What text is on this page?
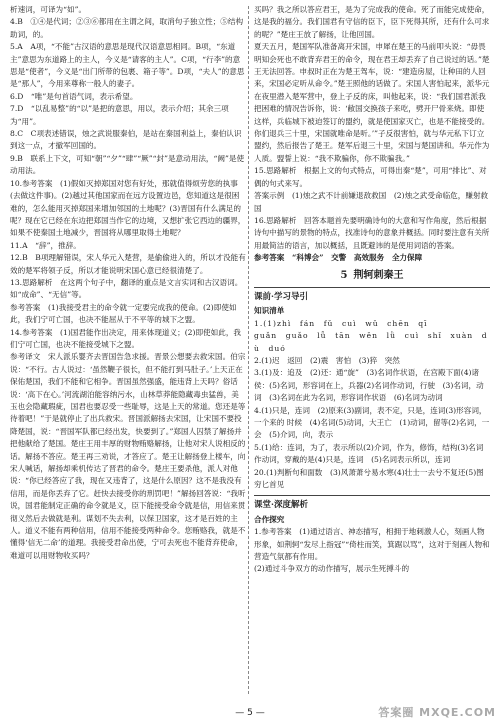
析速词，可译为“如”。

4.B　①④是代词；②③⑥都用在主谓之间，取消句子独立性；⑤结构助词，的。

5.A　A项，“不能”古汉语的意思是现代汉语意思相同。B项，“东道主”意思为东道路上的主人，今义是“请客的主人”。C项，“行李”的意思是“使者”，今义是“出门所带的包裹、箱子等”。D项，“夫人”的意思是“那人”，今用来尊称一般人的妻子。

6.D　“唯”是句首语气词，表示希望。

7.D　“以乱易整”的“以”是把的意思，用以，表示介绍；其余三项为“用”。

8.C　C项表述错误，烛之武说服秦伯，是站在秦国利益上，秦伯认识到这一点，才撤军回国的。

9.B　联系上下文，可知“朝”“夕”“肆”“厥”“封”是意动用法，“阙”是使动用法。

10.参考答案　(1)假如灭掉郑国对您有好处，那就值得烦劳您的执事(去做这件事)。(2)越过其他国家而在远方设置边邑，您知道这是很困难的，怎么能用灭掉郑国来增加邻国的土地呢？(3)晋国有什么满足的呢？现在它已经在东边把郑国当作它的边境，又想扩张它西边的疆界，如果不使秦国土地减少，晋国将从哪里取得土地呢？

11.A　“辞”，推辞。

12.B　B项理解错误，宋人华元入楚营，是偷偷进入的，所以才没能有效的楚军将领子反，所以才能说明宋国心意已经很清楚了。

13.思路解析　在这两个句子中，翻译的重点是文言实词和古汉语词。如“成命”、“无信”等。

参考答案　(1)我接受君主的命令就一定要完成我的使命。(2)即使如此，我们宁可亡国，也决不能屈从于不平等的城下之盟。

14.参考答案　(1)国君能作出决定，用来体现道义；(2)即使如此，我们宁可亡国，也决不能接受城下之盟。

参考译文　宋人派乐婴齐去晋国告急求援。晋景公想要去救宋国。伯宗说：“不行。古人说过：‘虽然鞭子很长，但不能打到马肚子。’上天正在保佑楚国，我们不能和它相争。晋国虽然强盛，能违背上天吗？俗话说：‘高下在心。’河流湖泊能容纳污水，山林草莽能隐藏毒虫猛兽，美玉也会隐藏瑕疵，国君也要忍受一些耻辱，这是上天的常道。您还是等待着吧！”于是就停止了出兵救宋。晋国派解扬去宋国，让宋国不要投降楚国，说：“晋国军队都已经出发，快要到了。”郑国人囚禁了解扬并把他献给了楚国。楚庄王用丰厚的财物贿赂解扬，让他对宋人说相反的话。解扬不答应。楚王再三劝说，才答应了。楚王让解扬登上楼车，向宋人喊话，解扬却乘机传达了晋君的命令。楚庄王要杀他，派人对他说：“你已经答应了我，现在又违背了，这是什么原因？这不是我没有信用，而是你丢弃了它。赶快去接受你的刑罚吧！”解扬回答说：“我听说，国君能制定正确的命令就是义，臣下能接受命令就是信，用信来贯彻义然后去做就是利。谋划不失去利，以保卫国家，这才是百姓的主人。道义不能有两种信用，信用不能接受两种命令。您贿赂我，就是不懂得‘信无二命’的道理。我接受君命出使，宁可去死也不能背弃使命，难道可以用财物收买吗？

买吗？我之所以答应君王，是为了完成我的使命。死了而能完成使命，这是我的福分。我们国君有守信的臣下，臣下死得其所，还有什么可求的呢？”楚庄王放了解扬，让他回国。

夏天五月，楚国军队准备离开宋国，申犀在楚王的马前叩头说：“毋畏明知会死也不敢背弃君王的命令，现在君王却丢弃了自己说过的话。”楚王无法回答。申叔时正在为楚王驾车，说：“建造房屋，让种田的人回来，宋国必定听从命令。”楚王照他的话做了。宋国人害怕起来，派华元在夜里潜入楚军营中，登上子反的床，叫他起来，说：“我们国君派我把困难的情况告诉你，说：‘敝国交换孩子来吃，劈开尸骨来烧。即使这样，兵临城下被迫签订的盟约，就是使国家灭亡，也是不能接受的。你们退兵三十里，宋国就唯命是听。’”子反很害怕，就与华元私下订立盟约，然后报告了楚王。楚军后退三十里，宋国与楚国讲和。华元作为人质。盟誓上说：“我不欺骗你，你不欺骗我。”

15.思路解析　根据上文的句式特点，可得出秦“楚”，可用“排比”、对偶的句式来写。

答案示例　(1)烛之武不计前嫌退敌救国　(2)烛之武受命临危，赚射救国

16.思路解析　回答本题首先要明确诗句的大意和写作角度，然后根据诗句中描写的景物的特点，找准诗句的意象并概括。同时要注意有关所用最简洁的语言，加以概括，且既避讳的是使用词语的答案。

参考答案　“科博会”　交警　高效服务　全力保障

5 荆轲刺秦王
课前·学习导引
知识清单

1.(1)zhì　fán　fǔ　cuì　wǔ　chēn　qī

guǎn　guǎo　lǚ　tān　wěn　lǜ　cuì　shǐ　xuàn　dù　duó

2.(1)迟　返回　(2)震　害怕　(3)猝　突然

3.(1)及：追及　(2)还：通“旋”　(3)名词作状语，在宫殿下面(4)诸侯：(5)名词，形容词在上，兵器(2)名词作动词，行驶　(3)名词，动词　(3)名词在此为名词，形容词作状语　(6)名词为动词

4.(1)只是，连词　(2)原来(3)副词，表不定，只是，连词(3)形容词，一个来的 时候　(4)名词(5)动词，大王亡　(1)动词，留等(2)名词，一会　(5)介词，向，表示

5.(1)给：连词，为了，表示所以(2)介词，作为，修饰，结构(3)名词作动词，穿戴的是(4)只是，连词　(5)名词表示所以，连词

20.(1)判断句和面数　(3)风萧萧兮易水寒(4)壮士一去兮不复还(5)图穷匕首见

课堂·深度解析
合作探究

1.参考答案　(1)通过语言、神态描写，相拥于地刺激人心，刻画人物形象，如荆轲“发尽上指冠”“倚柱而笑，箕踞以骂”，这对于刻画人物和营造气氛都有作用。

(2)通过斗争双方的动作描写，展示生死搏斗的

— 5 —	答案圈 MXQE.COM
